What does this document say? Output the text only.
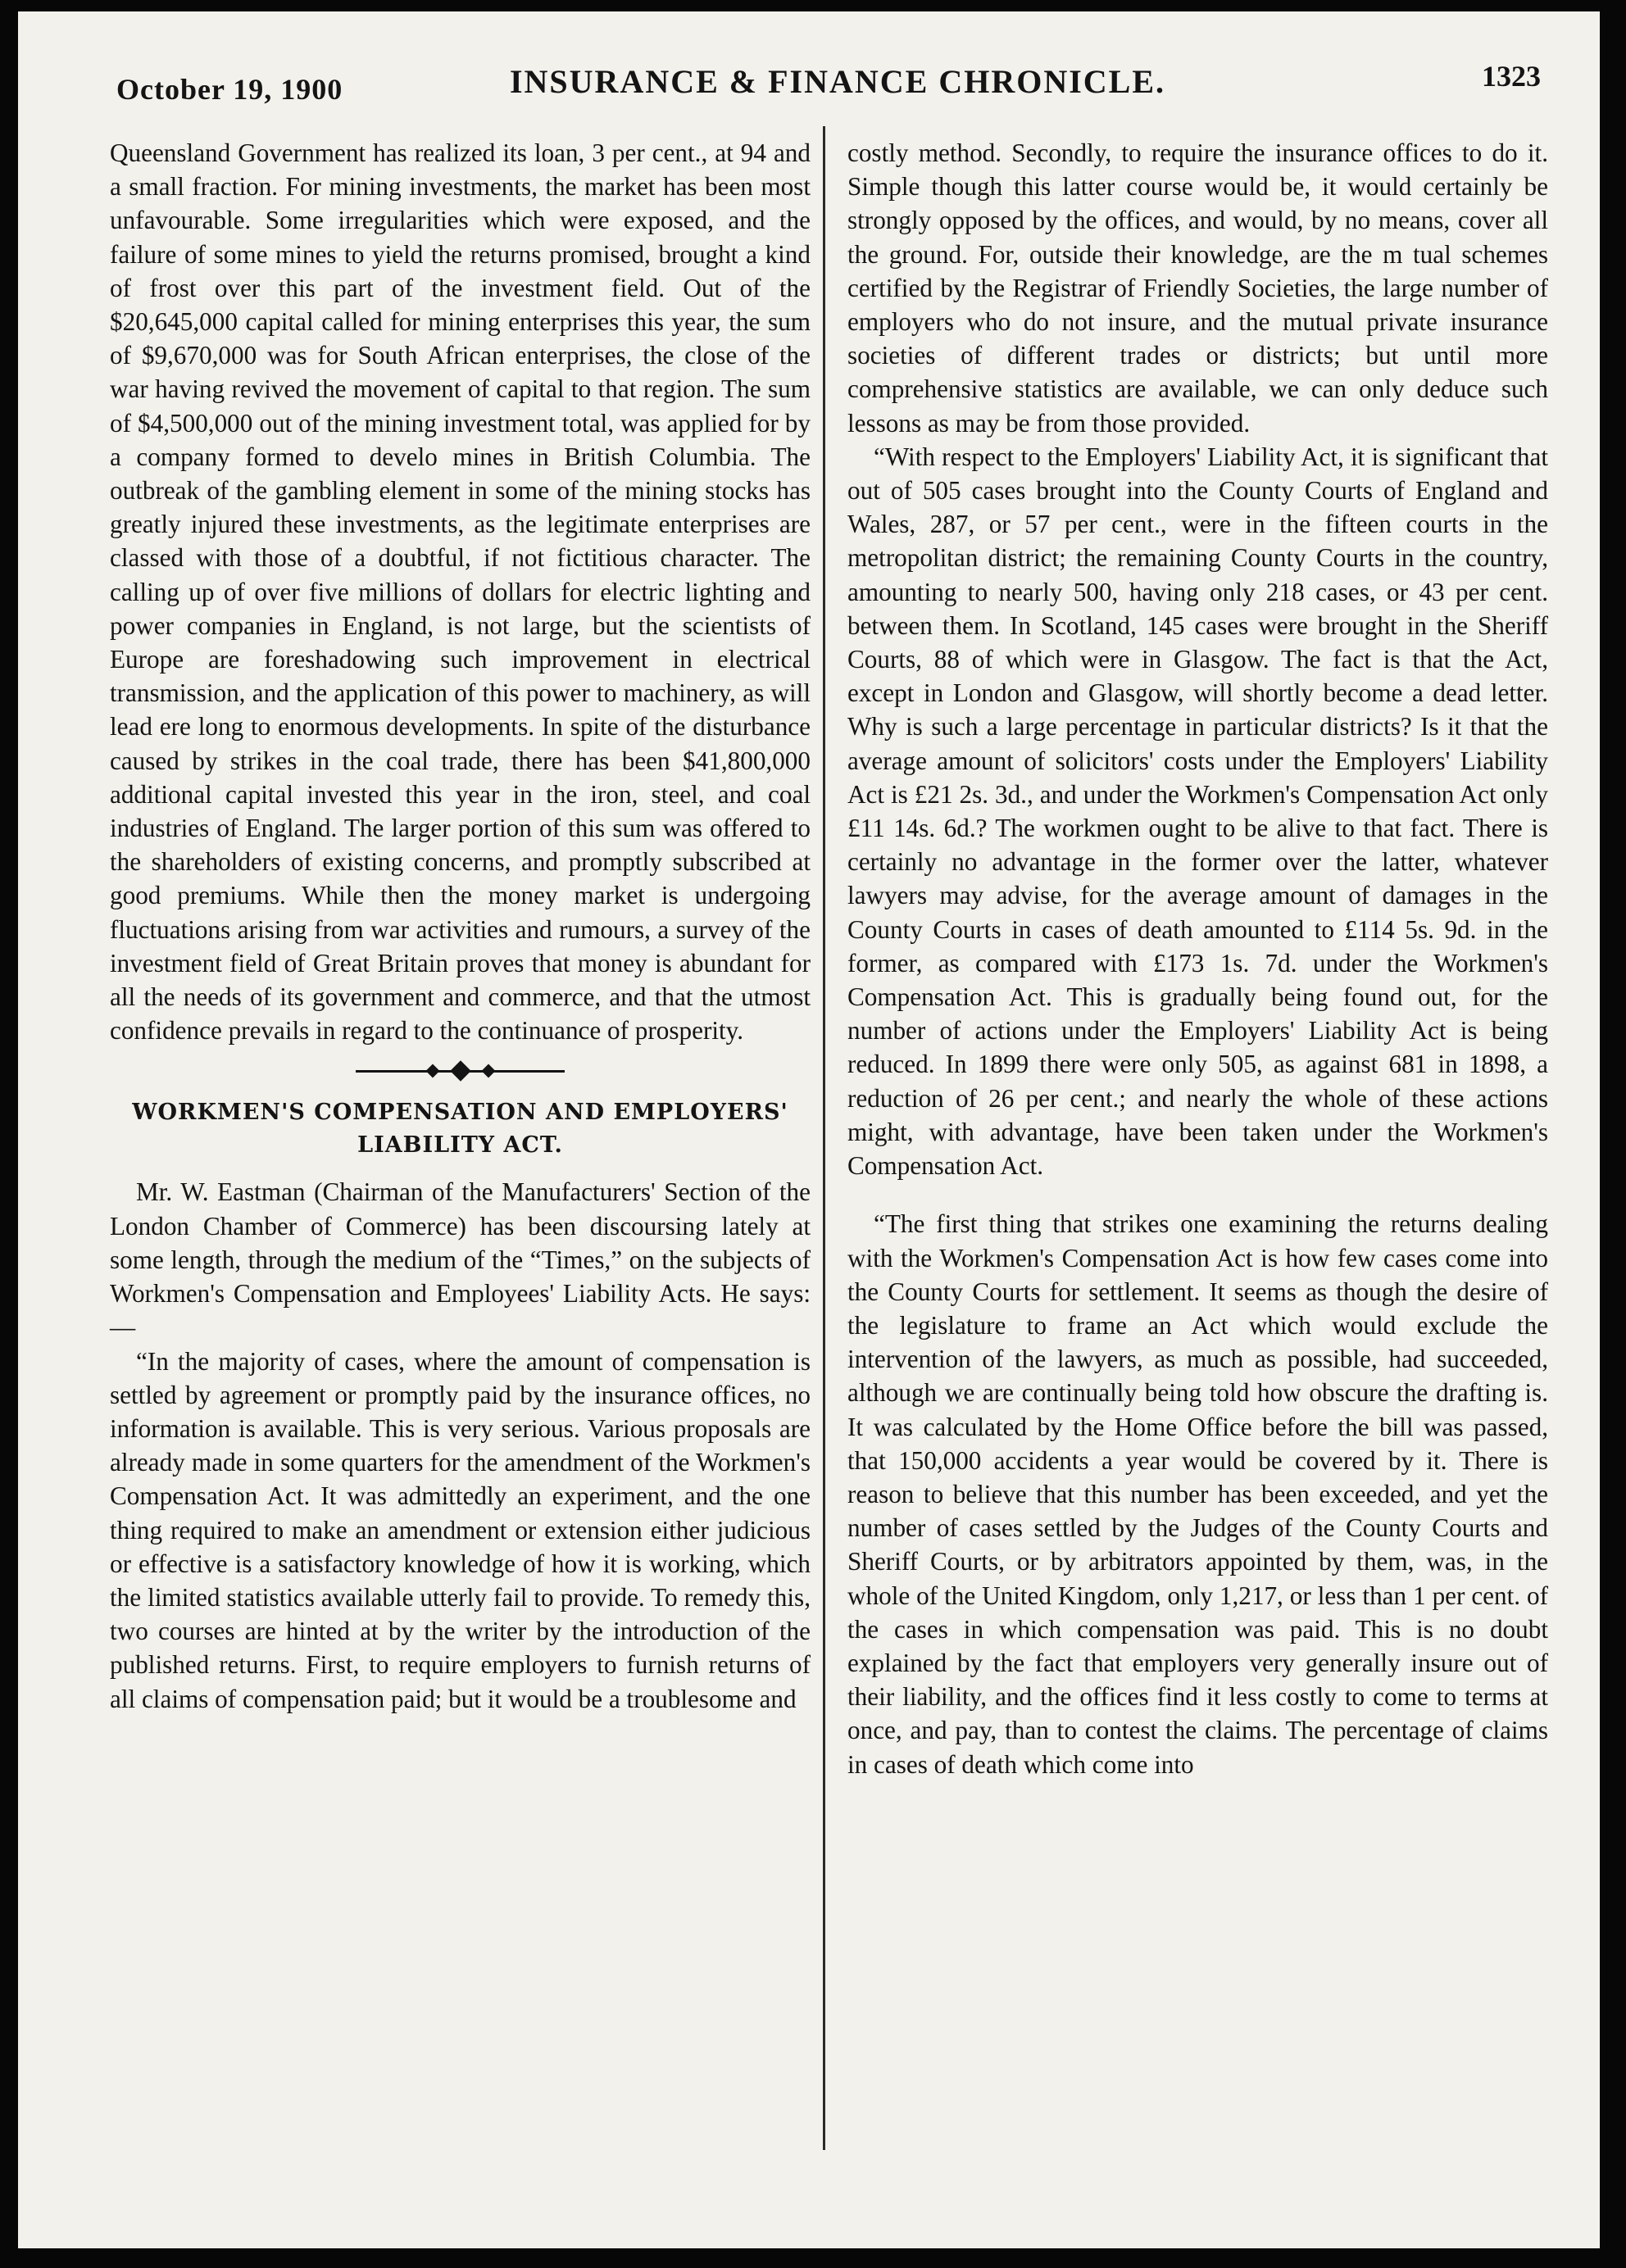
October 19, 1900	INSURANCE & FINANCE CHRONICLE.	1323

Queensland Government has realized its loan, 3 per cent., at 94 and a small fraction. For mining investments, the market has been most unfavourable. Some irregularities which were exposed, and the failure of some mines to yield the returns promised, brought a kind of frost over this part of the investment field. Out of the $20,645,000 capital called for mining enterprises this year, the sum of $9,670,000 was for South African enterprises, the close of the war having revived the movement of capital to that region. The sum of $4,500,000 out of the mining investment total, was applied for by a company formed to develo mines in British Columbia. The outbreak of the gambling element in some of the mining stocks has greatly injured these investments, as the legitimate enterprises are classed with those of a doubtful, if not fictitious character. The calling up of over five millions of dollars for electric lighting and power companies in England, is not large, but the scientists of Europe are foreshadowing such improvement in electrical transmission, and the application of this power to machinery, as will lead ere long to enormous developments. In spite of the disturbance caused by strikes in the coal trade, there has been $41,800,000 additional capital invested this year in the iron, steel, and coal industries of England. The larger portion of this sum was offered to the shareholders of existing concerns, and promptly subscribed at good premiums. While then the money market is undergoing fluctuations arising from war activities and rumours, a survey of the investment field of Great Britain proves that money is abundant for all the needs of its government and commerce, and that the utmost confidence prevails in regard to the continuance of prosperity.

WORKMEN'S COMPENSATION AND EMPLOYERS'
LIABILITY ACT.

Mr. W. Eastman (Chairman of the Manufacturers' Section of the London Chamber of Commerce) has been discoursing lately at some length, through the medium of the “Times,” on the subjects of Workmen's Compensation and Employees' Liability Acts. He says:—

“In the majority of cases, where the amount of compensation is settled by agreement or promptly paid by the insurance offices, no information is available. This is very serious. Various proposals are already made in some quarters for the amendment of the Workmen's Compensation Act. It was admittedly an experiment, and the one thing required to make an amendment or extension either judicious or effective is a satisfactory knowledge of how it is working, which the limited statistics available utterly fail to provide. To remedy this, two courses are hinted at by the writer by the introduction of the published returns. First, to require employers to furnish returns of all claims of compensation paid; but it would be a troublesome and

costly method. Secondly, to require the insurance offices to do it. Simple though this latter course would be, it would certainly be strongly opposed by the offices, and would, by no means, cover all the ground. For, outside their knowledge, are the m tual schemes certified by the Registrar of Friendly Societies, the large number of employers who do not insure, and the mutual private insurance societies of different trades or districts; but until more comprehensive statistics are available, we can only deduce such lessons as may be from those provided.

“With respect to the Employers' Liability Act, it is significant that out of 505 cases brought into the County Courts of England and Wales, 287, or 57 per cent., were in the fifteen courts in the metropolitan district; the remaining County Courts in the country, amounting to nearly 500, having only 218 cases, or 43 per cent. between them. In Scotland, 145 cases were brought in the Sheriff Courts, 88 of which were in Glasgow. The fact is that the Act, except in London and Glasgow, will shortly become a dead letter. Why is such a large percentage in particular districts? Is it that the average amount of solicitors' costs under the Employers' Liability Act is £21 2s. 3d., and under the Workmen's Compensation Act only £11 14s. 6d.? The workmen ought to be alive to that fact. There is certainly no advantage in the former over the latter, whatever lawyers may advise, for the average amount of damages in the County Courts in cases of death amounted to £114 5s. 9d. in the former, as compared with £173 1s. 7d. under the Workmen's Compensation Act. This is gradually being found out, for the number of actions under the Employers' Liability Act is being reduced. In 1899 there were only 505, as against 681 in 1898, a reduction of 26 per cent.; and nearly the whole of these actions might, with advantage, have been taken under the Workmen's Compensation Act.

“The first thing that strikes one examining the returns dealing with the Workmen's Compensation Act is how few cases come into the County Courts for settlement. It seems as though the desire of the legislature to frame an Act which would exclude the intervention of the lawyers, as much as possible, had succeeded, although we are continually being told how obscure the drafting is. It was calculated by the Home Office before the bill was passed, that 150,000 accidents a year would be covered by it. There is reason to believe that this number has been exceeded, and yet the number of cases settled by the Judges of the County Courts and Sheriff Courts, or by arbitrators appointed by them, was, in the whole of the United Kingdom, only 1,217, or less than 1 per cent. of the cases in which compensation was paid. This is no doubt explained by the fact that employers very generally insure out of their liability, and the offices find it less costly to come to terms at once, and pay, than to contest the claims. The percentage of claims in cases of death which come into
